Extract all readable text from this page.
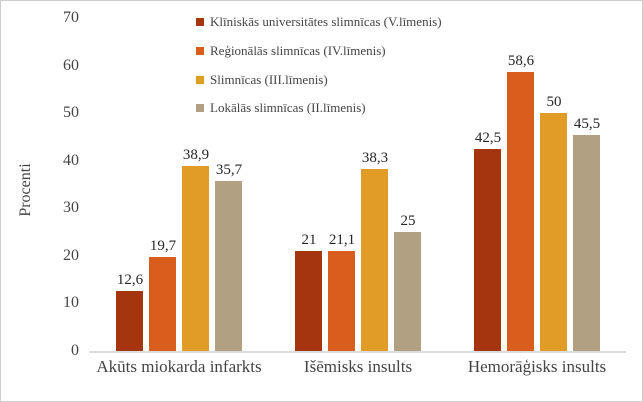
Procenti
0
10
20
30
40
50
60
70
12,6
19,7
38,9
35,7
21 21,1
38,3
25
42,5
58,6
50
45,5
Akūts miokarda infarkts	Išēmisks insults	Hemorāģisks insults
Klīniskās universitātes slimnīcas (V.līmenis)
Reģionālās slimnīcas (IV.līmenis)
Slimnīcas (III.līmenis)
Lokālās slimnīcas (II.līmenis)
